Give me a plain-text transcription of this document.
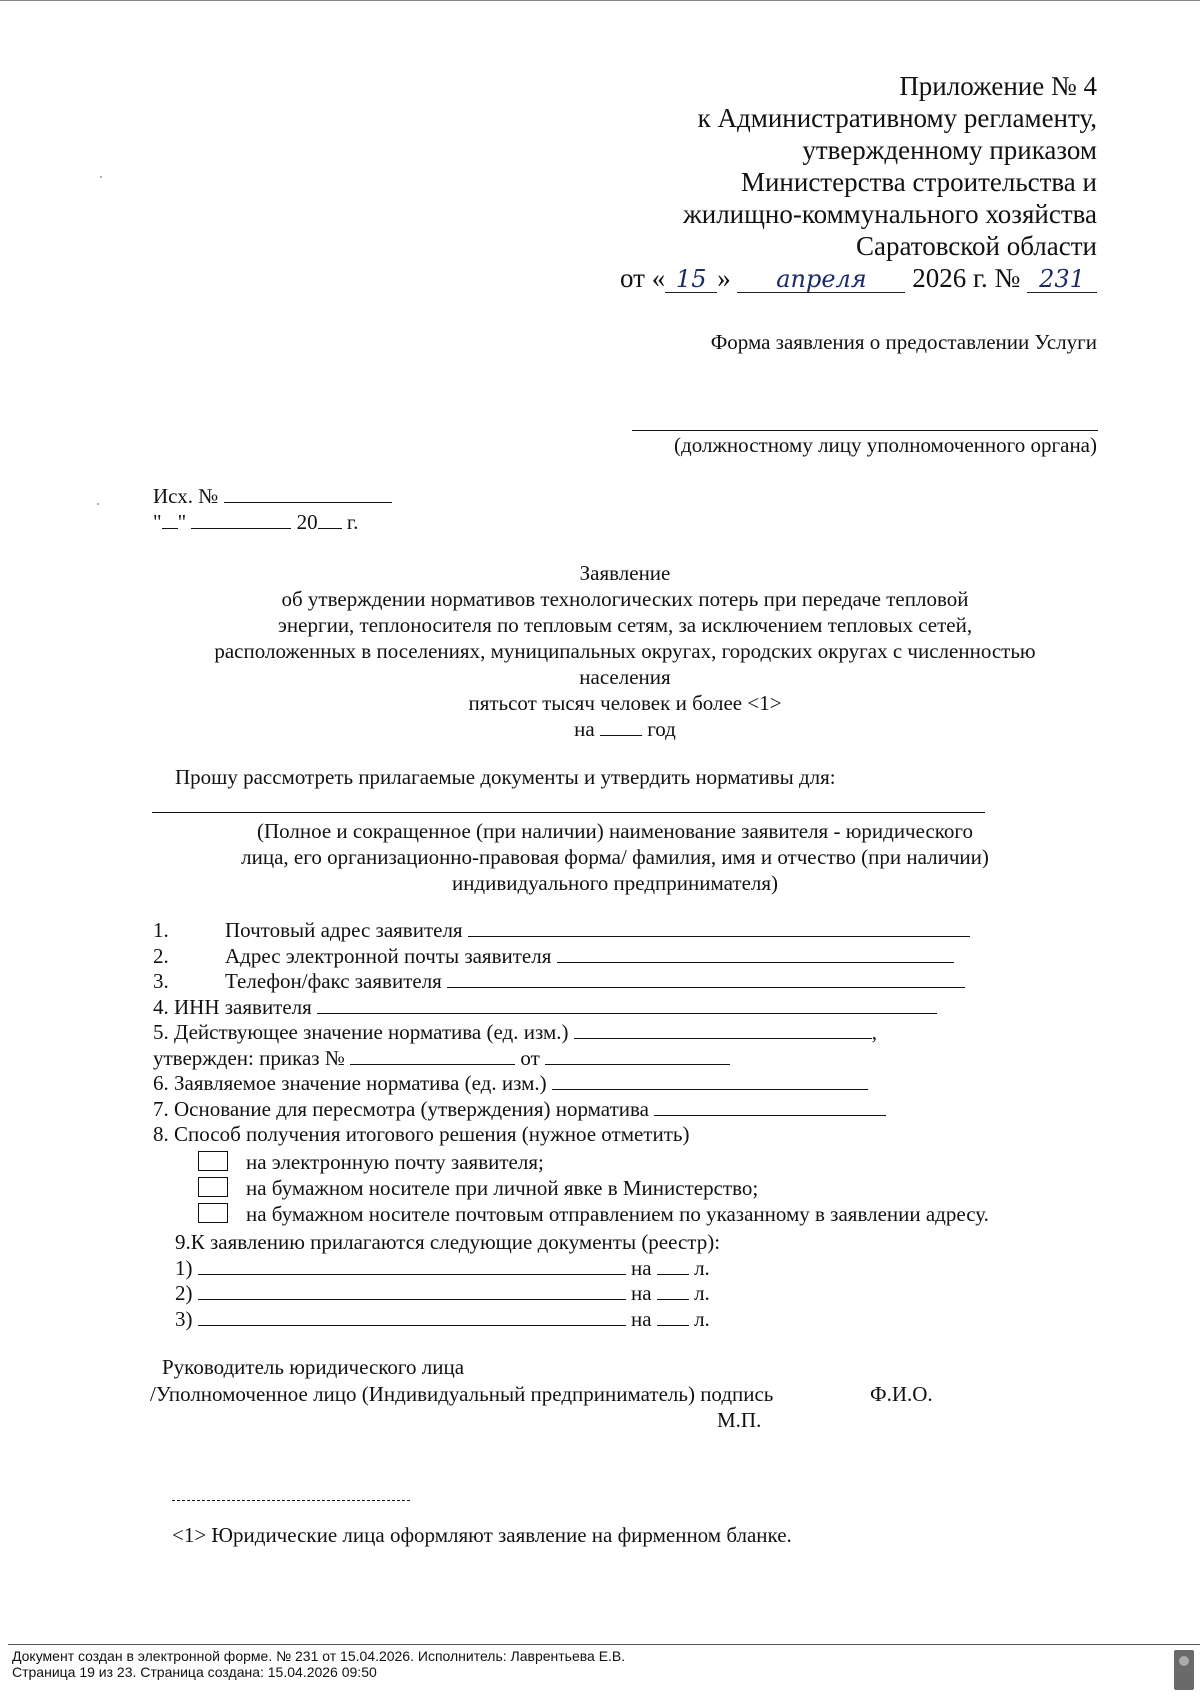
Приложение № 4
к Административному регламенту,
утвержденному приказом
Министерства строительства и
жилищно-коммунального хозяйства
Саратовской области
от « 15 » апреля 2026 г. № 231
Форма заявления о предоставлении Услуги
(должностному лицу уполномоченного органа)
Исх. №
" "	20 г.
Заявление
об утверждении нормативов технологических потерь при передаче тепловой
энергии, теплоносителя по тепловым сетям, за исключением тепловых сетей,
расположенных в поселениях, муниципальных округах, городских округах с численностью
населения
пятьсот тысяч человек и более <1>
на	год
Прошу рассмотреть прилагаемые документы и утвердить нормативы для:
(Полное и сокращенное (при наличии) наименование заявителя - юридического
лица, его организационно-правовая форма/ фамилия, имя и отчество (при наличии)
индивидуального предпринимателя)
1.	Почтовый адрес заявителя
2.	Адрес электронной почты заявителя
3.	Телефон/факс заявителя
4. ИНН заявителя
5. Действующее значение норматива (ед. изм.)	,
утвержден: приказ №	от
6. Заявляемое значение норматива (ед. изм.)
7. Основание для пересмотра (утверждения) норматива
8. Способ получения итогового решения (нужное отметить)
на электронную почту заявителя;
на бумажном носителе при личной явке в Министерство;
на бумажном носителе почтовым отправлением по указанному в заявлении адресу.
9.К заявлению прилагаются следующие документы (реестр):
1)	на л.
2)	на л.
3)	на л.
Руководитель юридического лица
/Уполномоченное лицо (Индивидуальный предприниматель) подпись	Ф.И.О.
М.П.
<1> Юридические лица оформляют заявление на фирменном бланке.
Документ создан в электронной форме. № 231 от 15.04.2026. Исполнитель: Лаврентьева Е.В.
Страница 19 из 23. Страница создана: 15.04.2026 09:50
